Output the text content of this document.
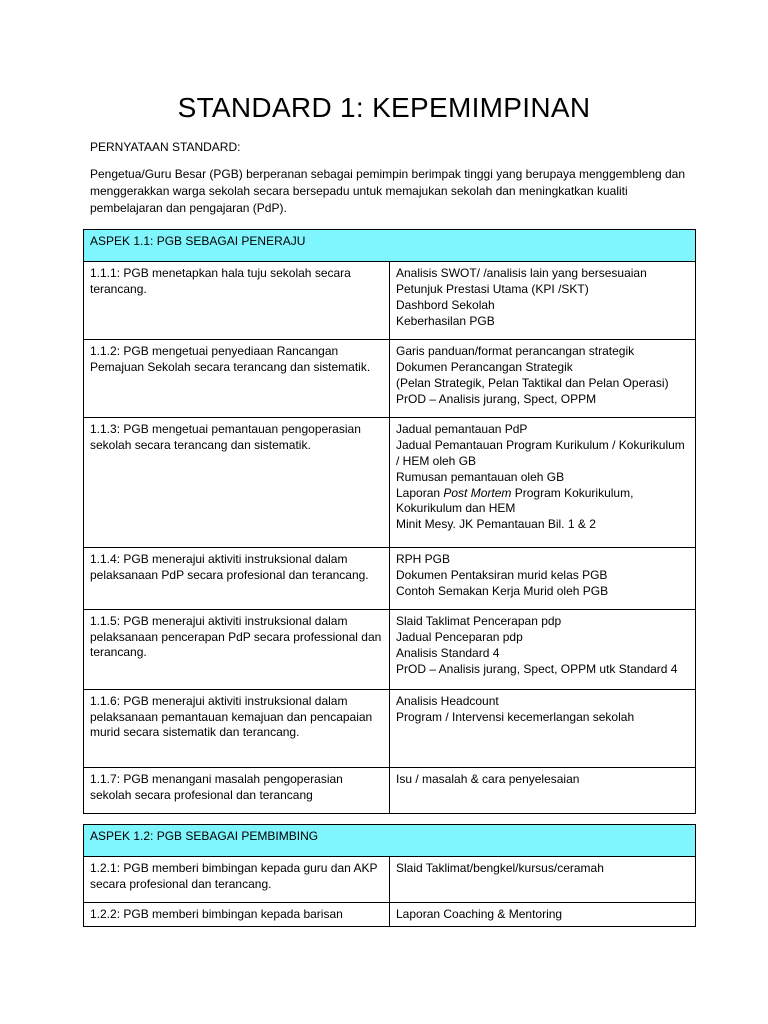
STANDARD 1: KEPEMIMPINAN
PERNYATAAN STANDARD:
Pengetua/Guru Besar (PGB) berperanan sebagai pemimpin berimpak tinggi yang berupaya menggembleng dan menggerakkan warga sekolah secara bersepadu untuk memajukan sekolah dan meningkatkan kualiti pembelajaran dan pengajaran (PdP).
ASPEK 1.1: PGB SEBAGAI PENERAJU	
1.1.1: PGB menetapkan hala tuju sekolah secara terancang.	Analisis SWOT/ /analisis lain yang bersesuaian
Petunjuk Prestasi Utama (KPI /SKT)
Dashbord Sekolah
Keberhasilan PGB

1.1.2: PGB mengetuai penyediaan Rancangan Pemajuan Sekolah secara terancang dan sistematik.	Garis panduan/format perancangan strategik
Dokumen Perancangan Strategik
(Pelan Strategik, Pelan Taktikal dan Pelan Operasi)
PrOD – Analisis jurang, Spect, OPPM

1.1.3: PGB mengetuai pemantauan pengoperasian sekolah secara terancang dan sistematik.	Jadual pemantauan PdP
Jadual Pemantauan Program Kurikulum / Kokurikulum / HEM oleh GB
Rumusan pemantauan oleh GB
Laporan Post Mortem Program Kokurikulum, Kokurikulum dan HEM
Minit Mesy. JK Pemantauan Bil. 1 & 2

1.1.4: PGB menerajui aktiviti instruksional dalam pelaksanaan PdP secara profesional dan terancang.	RPH PGB
Dokumen Pentaksiran murid kelas PGB
Contoh Semakan Kerja Murid oleh PGB

1.1.5: PGB menerajui aktiviti instruksional dalam pelaksanaan pencerapan PdP secara professional dan terancang.	Slaid Taklimat Pencerapan pdp
Jadual Penceparan pdp
Analisis Standard 4
PrOD – Analisis jurang, Spect, OPPM utk Standard 4

1.1.6: PGB menerajui aktiviti instruksional dalam pelaksanaan pemantauan kemajuan dan pencapaian murid secara sistematik dan terancang.	Analisis Headcount
Program / Intervensi kecemerlangan sekolah

1.1.7: PGB menangani masalah pengoperasian sekolah secara profesional dan terancang	Isu / masalah & cara penyelesaian
ASPEK 1.2: PGB SEBAGAI PEMBIMBING	
1.2.1: PGB memberi bimbingan kepada guru dan AKP secara profesional dan terancang.	Slaid Taklimat/bengkel/kursus/ceramah

1.2.2: PGB memberi bimbingan kepada barisan	Laporan Coaching & Mentoring
